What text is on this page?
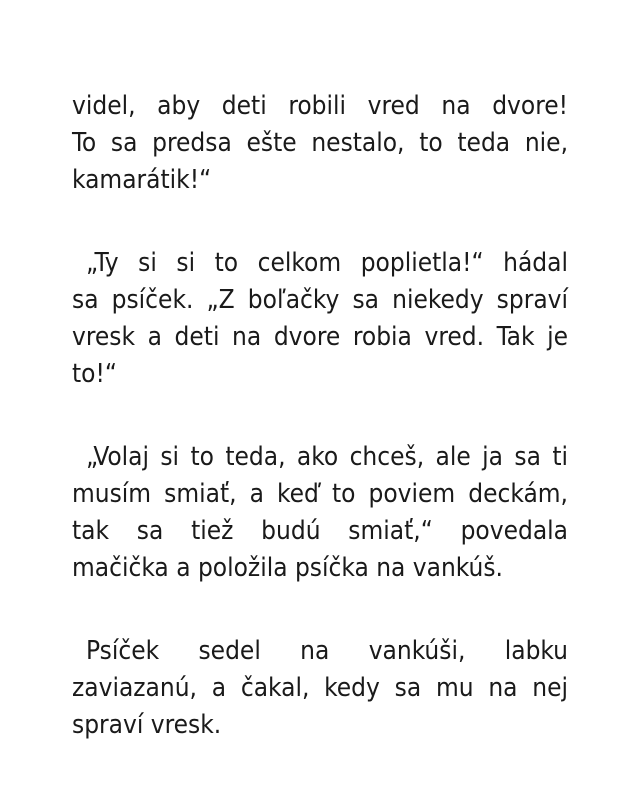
videl, aby deti robili vred na dvore!
To sa predsa ešte nestalo, to teda nie,
kamarátik!“

„Ty si si to celkom poplietla!“ hádal
sa psíček. „Z boľačky sa niekedy spraví
vresk a deti na dvore robia vred. Tak je
to!“

„Volaj si to teda, ako chceš, ale ja sa ti
musím smiať, a keď to poviem deckám,
tak sa tiež budú smiať,“ povedala
mačička a položila psíčka na vankúš.

Psíček sedel na vankúši, labku
zaviazanú, a čakal, kedy sa mu na nej
spraví vresk.
